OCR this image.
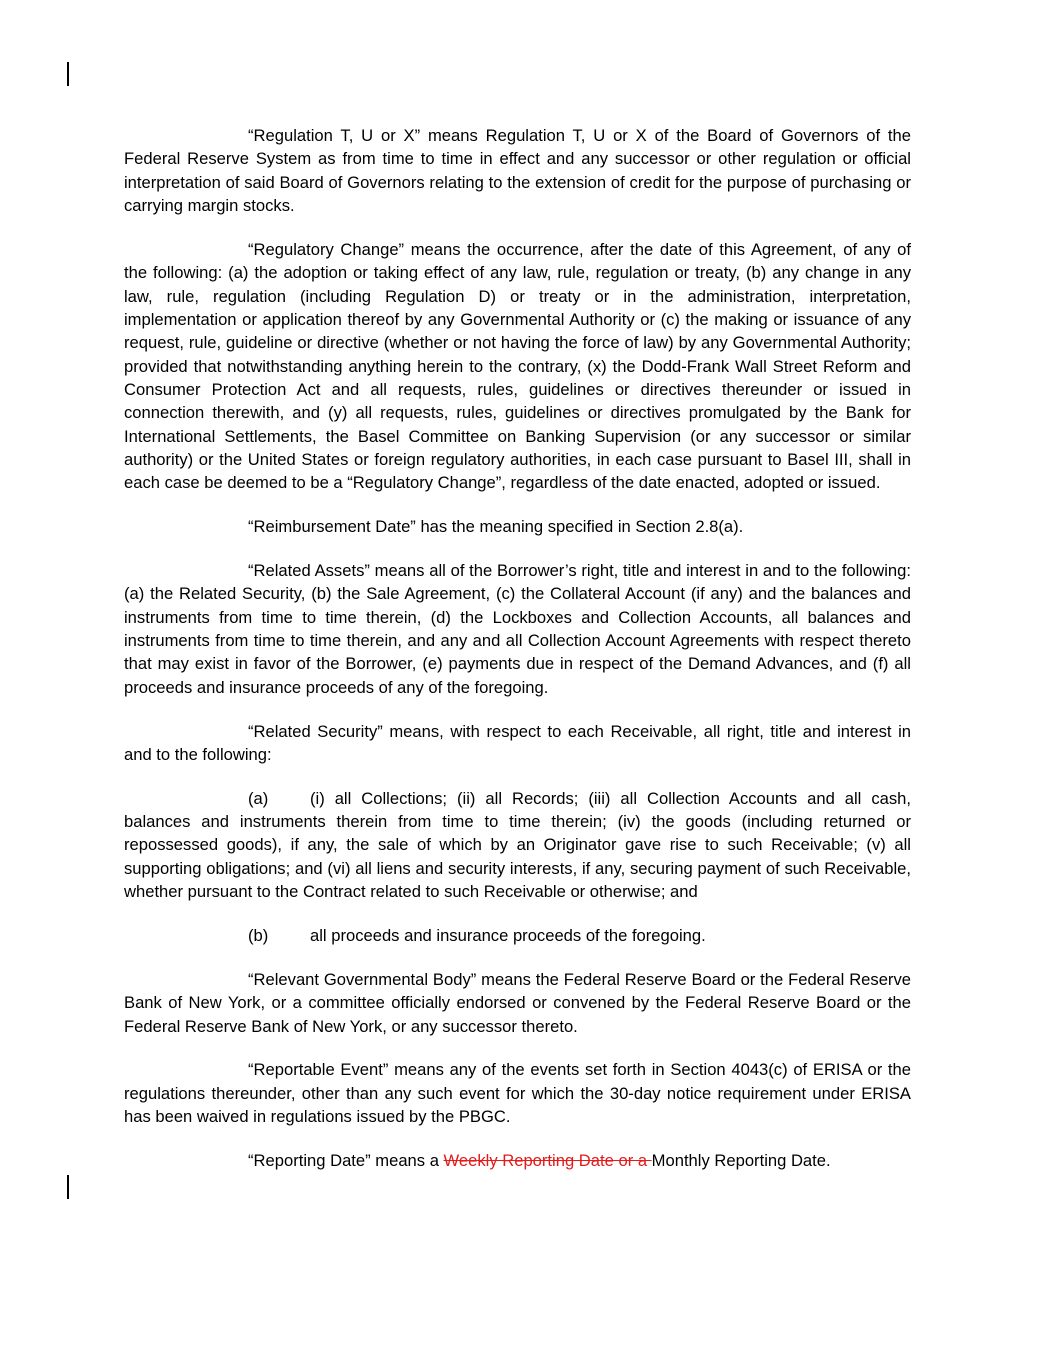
“Regulation T, U or X” means Regulation T, U or X of the Board of Governors of the Federal Reserve System as from time to time in effect and any successor or other regulation or official interpretation of said Board of Governors relating to the extension of credit for the purpose of purchasing or carrying margin stocks.

“Regulatory Change” means the occurrence, after the date of this Agreement, of any of the following: (a) the adoption or taking effect of any law, rule, regulation or treaty, (b) any change in any law, rule, regulation (including Regulation D) or treaty or in the administration, interpretation, implementation or application thereof by any Governmental Authority or (c) the making or issuance of any request, rule, guideline or directive (whether or not having the force of law) by any Governmental Authority; provided that notwithstanding anything herein to the contrary, (x) the Dodd-Frank Wall Street Reform and Consumer Protection Act and all requests, rules, guidelines or directives thereunder or issued in connection therewith, and (y) all requests, rules, guidelines or directives promulgated by the Bank for International Settlements, the Basel Committee on Banking Supervision (or any successor or similar authority) or the United States or foreign regulatory authorities, in each case pursuant to Basel III, shall in each case be deemed to be a “Regulatory Change”, regardless of the date enacted, adopted or issued.

“Reimbursement Date” has the meaning specified in Section 2.8(a).

“Related Assets” means all of the Borrower’s right, title and interest in and to the following: (a) the Related Security, (b) the Sale Agreement, (c) the Collateral Account (if any) and the balances and instruments from time to time therein, (d) the Lockboxes and Collection Accounts, all balances and instruments from time to time therein, and any and all Collection Account Agreements with respect thereto that may exist in favor of the Borrower, (e) payments due in respect of the Demand Advances, and (f) all proceeds and insurance proceeds of any of the foregoing.

“Related Security” means, with respect to each Receivable, all right, title and interest in and to the following:

(a)	(i) all Collections; (ii) all Records; (iii) all Collection Accounts and all cash, balances and instruments therein from time to time therein; (iv) the goods (including returned or repossessed goods), if any, the sale of which by an Originator gave rise to such Receivable; (v) all supporting obligations; and (vi) all liens and security interests, if any, securing payment of such Receivable, whether pursuant to the Contract related to such Receivable or otherwise; and

(b)	all proceeds and insurance proceeds of the foregoing.

“Relevant Governmental Body” means the Federal Reserve Board or the Federal Reserve Bank of New York, or a committee officially endorsed or convened by the Federal Reserve Board or the Federal Reserve Bank of New York, or any successor thereto.

“Reportable Event” means any of the events set forth in Section 4043(c) of ERISA or the regulations thereunder, other than any such event for which the 30-day notice requirement under ERISA has been waived in regulations issued by the PBGC.

“Reporting Date” means a Weekly Reporting Date or a Monthly Reporting Date.
